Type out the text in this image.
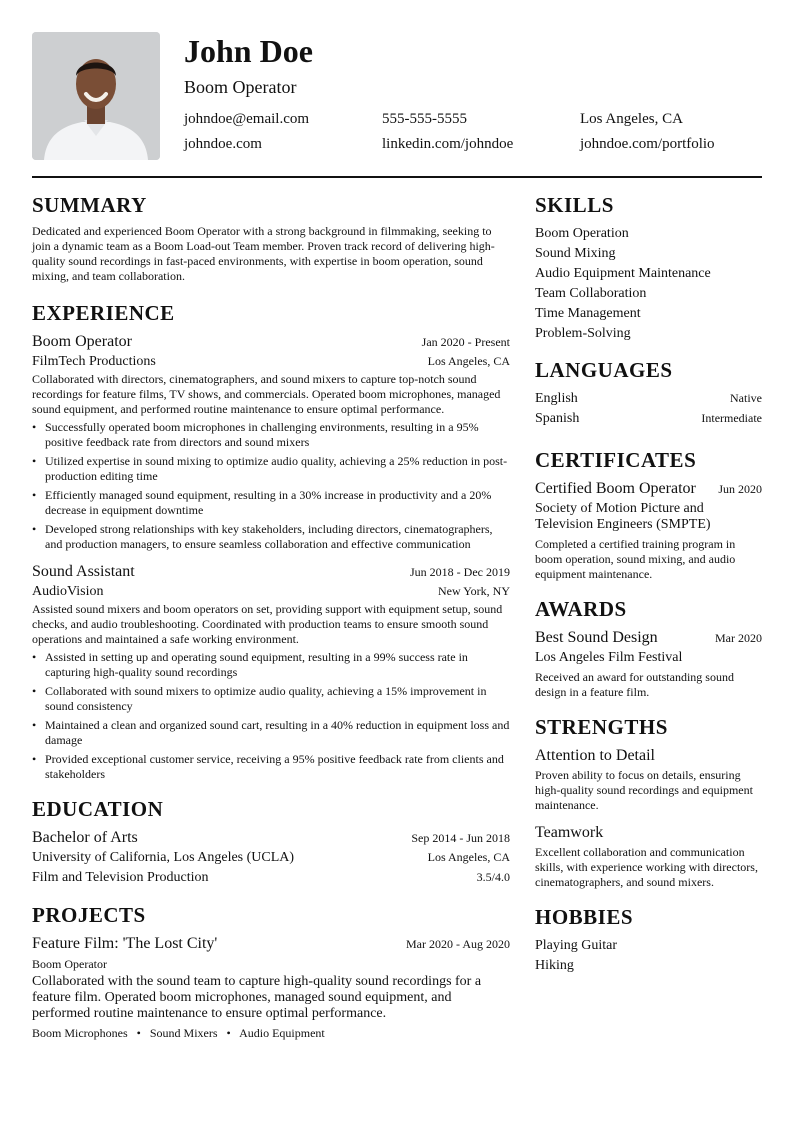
John Doe
Boom Operator
johndoe@email.com	555-555-5555	Los Angeles, CA
johndoe.com	linkedin.com/johndoe	johndoe.com/portfolio
SUMMARY
Dedicated and experienced Boom Operator with a strong background in filmmaking, seeking to join a dynamic team as a Boom Load-out Team member. Proven track record of delivering high-quality sound recordings in fast-paced environments, with expertise in boom operation, sound mixing, and team collaboration.
EXPERIENCE
Boom Operator	Jan 2020 - Present
FilmTech Productions	Los Angeles, CA
Collaborated with directors, cinematographers, and sound mixers to capture top-notch sound recordings for feature films, TV shows, and commercials. Operated boom microphones, managed sound equipment, and performed routine maintenance to ensure optimal performance.
• Successfully operated boom microphones in challenging environments, resulting in a 95% positive feedback rate from directors and sound mixers
• Utilized expertise in sound mixing to optimize audio quality, achieving a 25% reduction in post-production editing time
• Efficiently managed sound equipment, resulting in a 30% increase in productivity and a 20% decrease in equipment downtime
• Developed strong relationships with key stakeholders, including directors, cinematographers, and production managers, to ensure seamless collaboration and effective communication
Sound Assistant	Jun 2018 - Dec 2019
AudioVision	New York, NY
Assisted sound mixers and boom operators on set, providing support with equipment setup, sound checks, and audio troubleshooting. Coordinated with production teams to ensure smooth sound operations and maintained a safe working environment.
• Assisted in setting up and operating sound equipment, resulting in a 99% success rate in capturing high-quality sound recordings
• Collaborated with sound mixers to optimize audio quality, achieving a 15% improvement in sound consistency
• Maintained a clean and organized sound cart, resulting in a 40% reduction in equipment loss and damage
• Provided exceptional customer service, receiving a 95% positive feedback rate from clients and stakeholders
EDUCATION
Bachelor of Arts	Sep 2014 - Jun 2018
University of California, Los Angeles (UCLA)	Los Angeles, CA
Film and Television Production	3.5/4.0
PROJECTS
Feature Film: 'The Lost City'	Mar 2020 - Aug 2020
Boom Operator
Collaborated with the sound team to capture high-quality sound recordings for a feature film. Operated boom microphones, managed sound equipment, and performed routine maintenance to ensure optimal performance.
Boom Microphones • Sound Mixers • Audio Equipment
SKILLS
Boom Operation
Sound Mixing
Audio Equipment Maintenance
Team Collaboration
Time Management
Problem-Solving
LANGUAGES
English	Native
Spanish	Intermediate
CERTIFICATES
Certified Boom Operator Jun 2020
Society of Motion Picture and Television Engineers (SMPTE)
Completed a certified training program in boom operation, sound mixing, and audio equipment maintenance.
AWARDS
Best Sound Design	Mar 2020
Los Angeles Film Festival
Received an award for outstanding sound design in a feature film.
STRENGTHS
Attention to Detail
Proven ability to focus on details, ensuring high-quality sound recordings and equipment maintenance.
Teamwork
Excellent collaboration and communication skills, with experience working with directors, cinematographers, and sound mixers.
HOBBIES
Playing Guitar
Hiking
